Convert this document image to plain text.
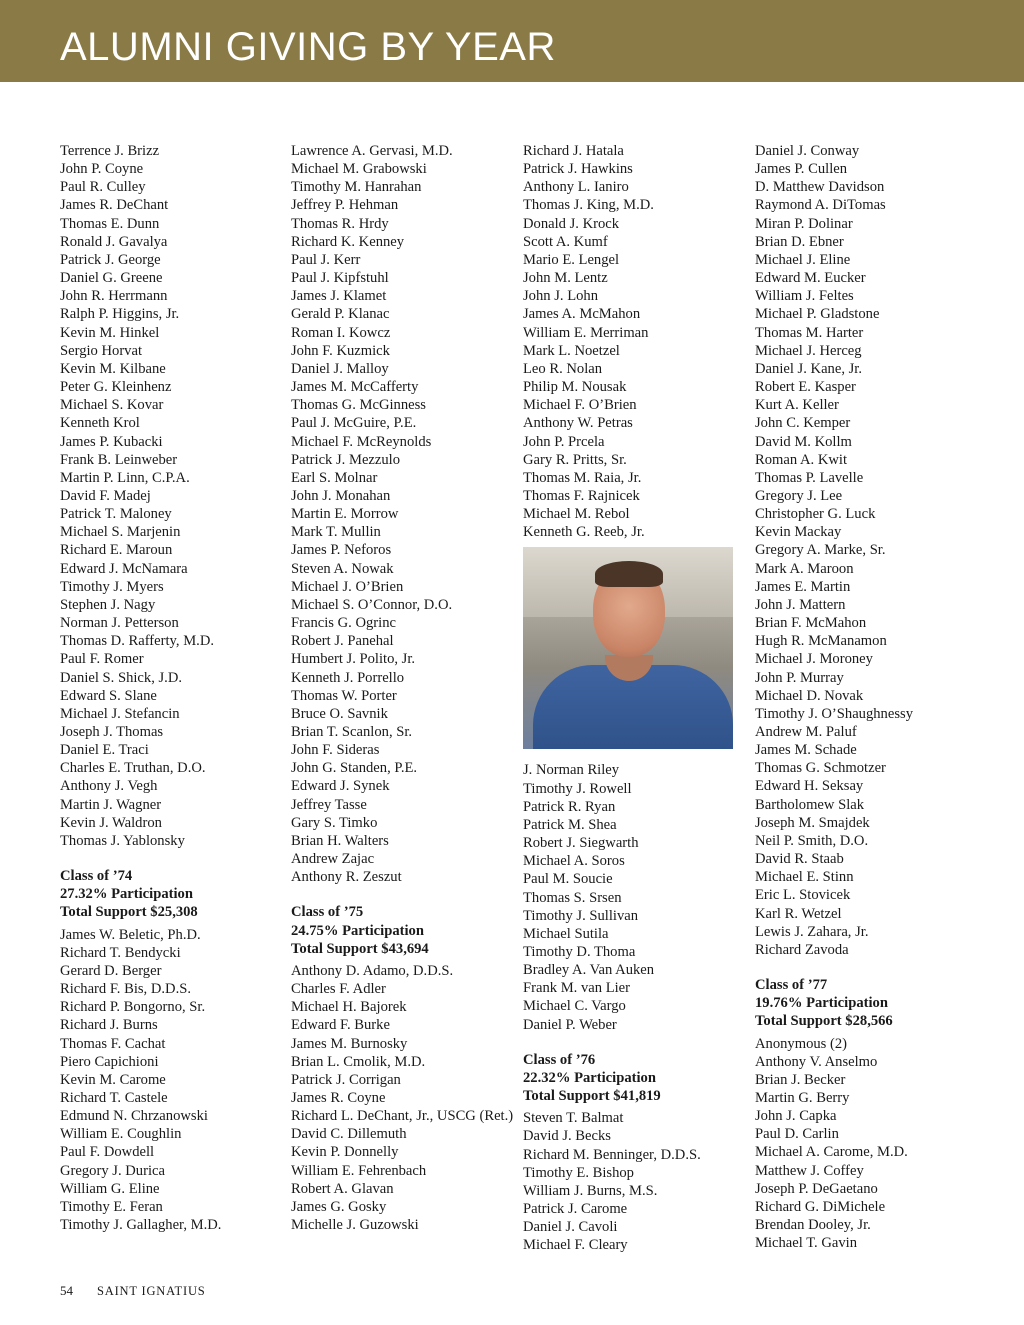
ALUMNI GIVING BY YEAR
Terrence J. Brizz
John P. Coyne
Paul R. Culley
James R. DeChant
Thomas E. Dunn
Ronald J. Gavalya
Patrick J. George
Daniel G. Greene
John R. Herrmann
Ralph P. Higgins, Jr.
Kevin M. Hinkel
Sergio Horvat
Kevin M. Kilbane
Peter G. Kleinhenz
Michael S. Kovar
Kenneth Krol
James P. Kubacki
Frank B. Leinweber
Martin P. Linn, C.P.A.
David F. Madej
Patrick T. Maloney
Michael S. Marjenin
Richard E. Maroun
Edward J. McNamara
Timothy J. Myers
Stephen J. Nagy
Norman J. Petterson
Thomas D. Rafferty, M.D.
Paul F. Romer
Daniel S. Shick, J.D.
Edward S. Slane
Michael J. Stefancin
Joseph J. Thomas
Daniel E. Traci
Charles E. Truthan, D.O.
Anthony J. Vegh
Martin J. Wagner
Kevin J. Waldron
Thomas J. Yablonsky
Class of ’74
27.32% Participation
Total Support $25,308
James W. Beletic, Ph.D.
Richard T. Bendycki
Gerard D. Berger
Richard F. Bis, D.D.S.
Richard P. Bongorno, Sr.
Richard J. Burns
Thomas F. Cachat
Piero Capichioni
Kevin M. Carome
Richard T. Castele
Edmund N. Chrzanowski
William E. Coughlin
Paul F. Dowdell
Gregory J. Durica
William G. Eline
Timothy E. Feran
Timothy J. Gallagher, M.D.
Lawrence A. Gervasi, M.D.
Michael M. Grabowski
Timothy M. Hanrahan
Jeffrey P. Hehman
Thomas R. Hrdy
Richard K. Kenney
Paul J. Kerr
Paul J. Kipfstuhl
James J. Klamet
Gerald P. Klanac
Roman I. Kowcz
John F. Kuzmick
Daniel J. Malloy
James M. McCafferty
Thomas G. McGinness
Paul J. McGuire, P.E.
Michael F. McReynolds
Patrick J. Mezzulo
Earl S. Molnar
John J. Monahan
Martin E. Morrow
Mark T. Mullin
James P. Neforos
Steven A. Nowak
Michael J. O’Brien
Michael S. O’Connor, D.O.
Francis G. Ogrinc
Robert J. Panehal
Humbert J. Polito, Jr.
Kenneth J. Porrello
Thomas W. Porter
Bruce O. Savnik
Brian T. Scanlon, Sr.
John F. Sideras
John G. Standen, P.E.
Edward J. Synek
Jeffrey Tasse
Gary S. Timko
Brian H. Walters
Andrew Zajac
Anthony R. Zeszut
Class of ’75
24.75% Participation
Total Support $43,694
Anthony D. Adamo, D.D.S.
Charles F. Adler
Michael H. Bajorek
Edward F. Burke
James M. Burnosky
Brian L. Cmolik, M.D.
Patrick J. Corrigan
James R. Coyne
Richard L. DeChant, Jr., USCG (Ret.)
David C. Dillemuth
Kevin P. Donnelly
William E. Fehrenbach
Robert A. Glavan
James G. Gosky
Michelle J. Guzowski
Richard J. Hatala
Patrick J. Hawkins
Anthony L. Ianiro
Thomas J. King, M.D.
Donald J. Krock
Scott A. Kumf
Mario E. Lengel
John M. Lentz
John J. Lohn
James A. McMahon
William E. Merriman
Mark L. Noetzel
Leo R. Nolan
Philip M. Nousak
Michael F. O’Brien
Anthony W. Petras
John P. Prcela
Gary R. Pritts, Sr.
Thomas M. Raia, Jr.
Thomas F. Rajnicek
Michael M. Rebol
Kenneth G. Reeb, Jr.
J. Norman Riley
Timothy J. Rowell
Patrick R. Ryan
Patrick M. Shea
Robert J. Siegwarth
Michael A. Soros
Paul M. Soucie
Thomas S. Srsen
Timothy J. Sullivan
Michael Sutila
Timothy D. Thoma
Bradley A. Van Auken
Frank M. van Lier
Michael C. Vargo
Daniel P. Weber
Class of ’76
22.32% Participation
Total Support $41,819
Steven T. Balmat
David J. Becks
Richard M. Benninger, D.D.S.
Timothy E. Bishop
William J. Burns, M.S.
Patrick J. Carome
Daniel J. Cavoli
Michael F. Cleary
Daniel J. Conway
James P. Cullen
D. Matthew Davidson
Raymond A. DiTomas
Miran P. Dolinar
Brian D. Ebner
Michael J. Eline
Edward M. Eucker
William J. Feltes
Michael P. Gladstone
Thomas M. Harter
Michael J. Herceg
Daniel J. Kane, Jr.
Robert E. Kasper
Kurt A. Keller
John C. Kemper
David M. Kollm
Roman A. Kwit
Thomas P. Lavelle
Gregory J. Lee
Christopher G. Luck
Kevin Mackay
Gregory A. Marke, Sr.
Mark A. Maroon
James E. Martin
John J. Mattern
Brian F. McMahon
Hugh R. McManamon
Michael J. Moroney
John P. Murray
Michael D. Novak
Timothy J. O’Shaughnessy
Andrew M. Paluf
James M. Schade
Thomas G. Schmotzer
Edward H. Seksay
Bartholomew Slak
Joseph M. Smajdek
Neil P. Smith, D.O.
David R. Staab
Michael E. Stinn
Eric L. Stovicek
Karl R. Wetzel
Lewis J. Zahara, Jr.
Richard Zavoda
Class of ’77
19.76% Participation
Total Support $28,566
Anonymous (2)
Anthony V. Anselmo
Brian J. Becker
Martin G. Berry
John J. Capka
Paul D. Carlin
Michael A. Carome, M.D.
Matthew J. Coffey
Joseph P. DeGaetano
Richard G. DiMichele
Brendan Dooley, Jr.
Michael T. Gavin
54 SAINT IGNATIUS
